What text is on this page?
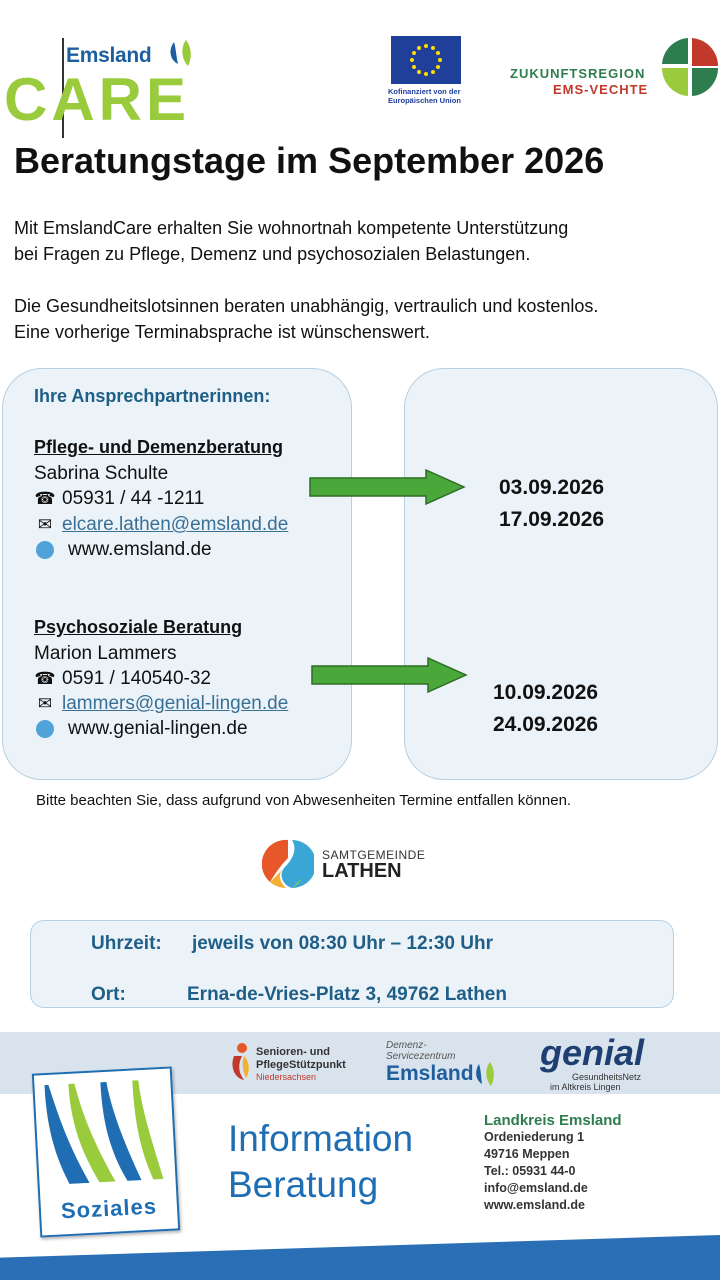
Emsland
CARE	Kofinanziert von der
Europäischen Union
ZUKUNFTSREGION
EMS-VECHTE
Beratungstage im September 2026
Mit EmslandCare erhalten Sie wohnortnah kompetente Unterstützung
bei Fragen zu Pflege, Demenz und psychosozialen Belastungen.
Die Gesundheitslotsinnen beraten unabhängig, vertraulich und kostenlos.
Eine vorherige Terminabsprache ist wünschenswert.
Ihre Ansprechpartnerinnen:
Pflege- und Demenzberatung
Sabrina Schulte
☎ 05931 / 44 -1211
✉ elcare.lathen@emsland.de
www.emsland.de
Psychosoziale Beratung
Marion Lammers
☎ 0591 / 140540-32
✉ lammers@genial-lingen.de
www.genial-lingen.de
03.09.2026
17.09.2026
10.09.2026
24.09.2026
Bitte beachten Sie, dass aufgrund von Abwesenheiten Termine entfallen können.
SAMTGEMEINDE
LATHEN
Uhrzeit: jeweils von 08:30 Uhr – 12:30 Uhr
Ort:	Erna-de-Vries-Platz 3, 49762 Lathen
Senioren- und
PflegeStützpunkt
Niedersachsen
Demenz-
Servicezentrum
Emsland
genial
GesundheitsNetz
im Altkreis Lingen
Soziales
Information
Beratung
Landkreis Emsland
Ordeniederung 1
49716 Meppen
Tel.: 05931 44-0
info@emsland.de
www.emsland.de
